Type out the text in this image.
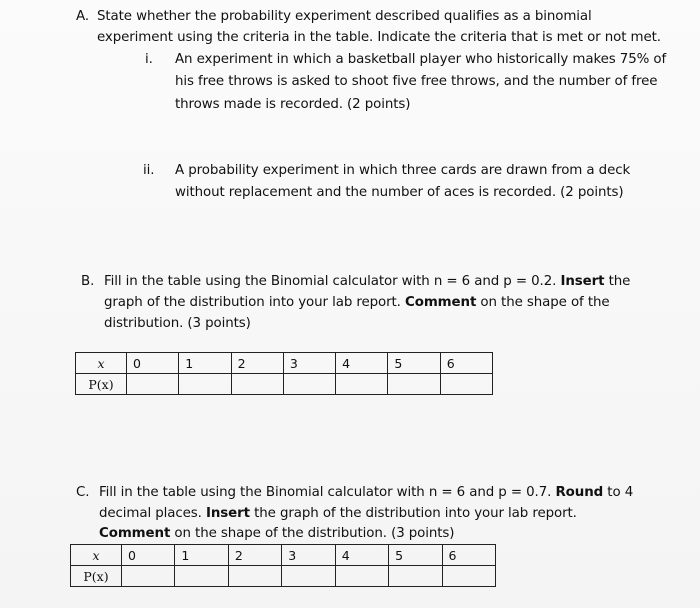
A. State whether the probability experiment described qualifies as a binomial
experiment using the criteria in the table. Indicate the criteria that is met or not met.
i. An experiment in which a basketball player who historically makes 75% of
his free throws is asked to shoot five free throws, and the number of free
throws made is recorded. (2 points)
ii. A probability experiment in which three cards are drawn from a deck
without replacement and the number of aces is recorded. (2 points)
B. Fill in the table using the Binomial calculator with n = 6 and p = 0.2. Insert the
graph of the distribution into your lab report. Comment on the shape of the
distribution. (3 points)
x	0	1	2	3	4	5	6
P(x)							
C. Fill in the table using the Binomial calculator with n = 6 and p = 0.7. Round to 4
decimal places. Insert the graph of the distribution into your lab report.
Comment on the shape of the distribution. (3 points)
x	0	1	2	3	4	5	6
P(x)							
